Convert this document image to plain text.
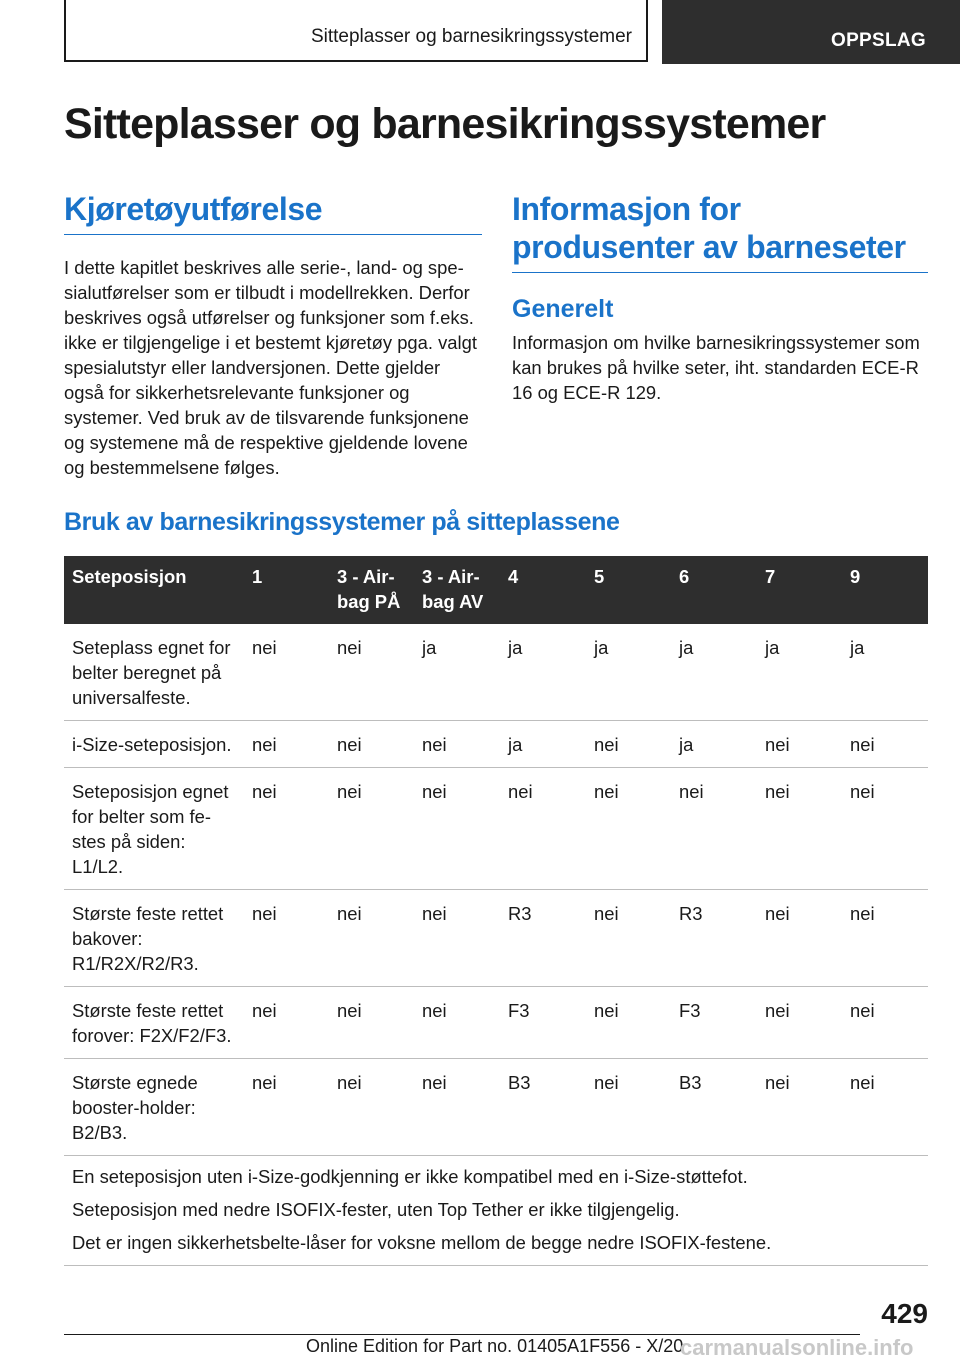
Sitteplasser og barnesikringssystemer	OPPSLAG
Sitteplasser og barnesikringssystemer
Kjøretøyutførelse

I dette kapitlet beskrives alle serie-, land- og spesialutførelser som er tilbudt i modellrekken. Derfor beskrives også utførelser og funksjoner som f.eks. ikke er tilgjengelige i et bestemt kjøretøy pga. valgt spesialutstyr eller landversjonen. Dette gjelder også for sikkerhetsrelevante funksjoner og systemer. Ved bruk av de tilsvarende funksjonene og systemene må de respektive gjeldende lovene og bestemmelsene følges.

Informasjon for produsenter av barneseter
Generelt

Informasjon om hvilke barnesikringssystemer som kan brukes på hvilke seter, iht. standarden ECE-R 16 og ECE-R 129.

Bruk av barnesikringssystemer på sitteplassene
Seteposisjon	1	3 - Airbag PÅ	3 - Airbag AV	4	5	6	7	9
Seteplass egnet for belter beregnet på universalfeste.	nei	nei	ja	ja	ja	ja	ja	ja
i-Size-seteposisjon.	nei	nei	nei	ja	nei	ja	nei	nei
Seteposisjon egnet for belter som festes på siden: L1/L2.	nei	nei	nei	nei	nei	nei	nei	nei
Største feste rettet bakover: R1/R2X/R2/R3.	nei	nei	nei	R3	nei	R3	nei	nei
Største feste rettet forover: F2X/F2/F3.	nei	nei	nei	F3	nei	F3	nei	nei
Største egnede booster-holder: B2/B3.	nei	nei	nei	B3	nei	B3	nei	nei

En seteposisjon uten i-Size-godkjenning er ikke kompatibel med en i-Size-støttefot.

Seteposisjon med nedre ISOFIX-fester, uten Top Tether er ikke tilgjengelig.

Det er ingen sikkerhetsbelte-låser for voksne mellom de begge nedre ISOFIX-festene.								

429
Online Edition for Part no. 01405A1F556 - X/20
carmanualsonline.info
